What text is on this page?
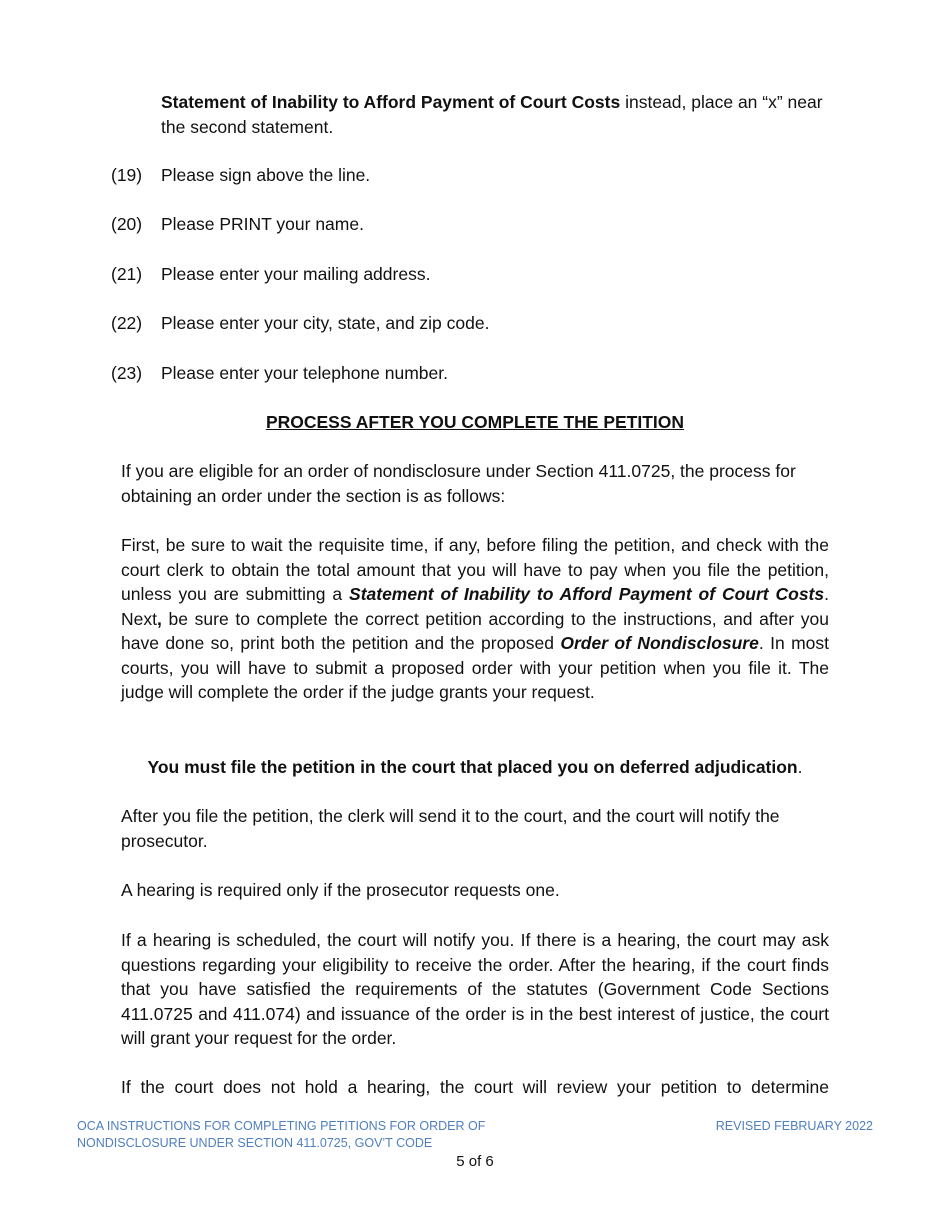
Statement of Inability to Afford Payment of Court Costs instead, place an “x” near the second statement.
(19) Please sign above the line.
(20) Please PRINT your name.
(21) Please enter your mailing address.
(22) Please enter your city, state, and zip code.
(23) Please enter your telephone number.
PROCESS AFTER YOU COMPLETE THE PETITION
If you are eligible for an order of nondisclosure under Section 411.0725, the process for obtaining an order under the section is as follows:
First, be sure to wait the requisite time, if any, before filing the petition, and check with the court clerk to obtain the total amount that you will have to pay when you file the petition, unless you are submitting a Statement of Inability to Afford Payment of Court Costs. Next, be sure to complete the correct petition according to the instructions, and after you have done so, print both the petition and the proposed Order of Nondisclosure. In most courts, you will have to submit a proposed order with your petition when you file it. The judge will complete the order if the judge grants your request.
You must file the petition in the court that placed you on deferred adjudication.
After you file the petition, the clerk will send it to the court, and the court will notify the prosecutor.
A hearing is required only if the prosecutor requests one.
If a hearing is scheduled, the court will notify you. If there is a hearing, the court may ask questions regarding your eligibility to receive the order. After the hearing, if the court finds that you have satisfied the requirements of the statutes (Government Code Sections 411.0725 and 411.074) and issuance of the order is in the best interest of justice, the court will grant your request for the order.
If the court does not hold a hearing, the court will review your petition to determine
OCA INSTRUCTIONS FOR COMPLETING PETITIONS FOR ORDER OF
NONDISCLOSURE UNDER SECTION 411.0725, GOV’T CODE
REVISED FEBRUARY 2022
5 of 6
